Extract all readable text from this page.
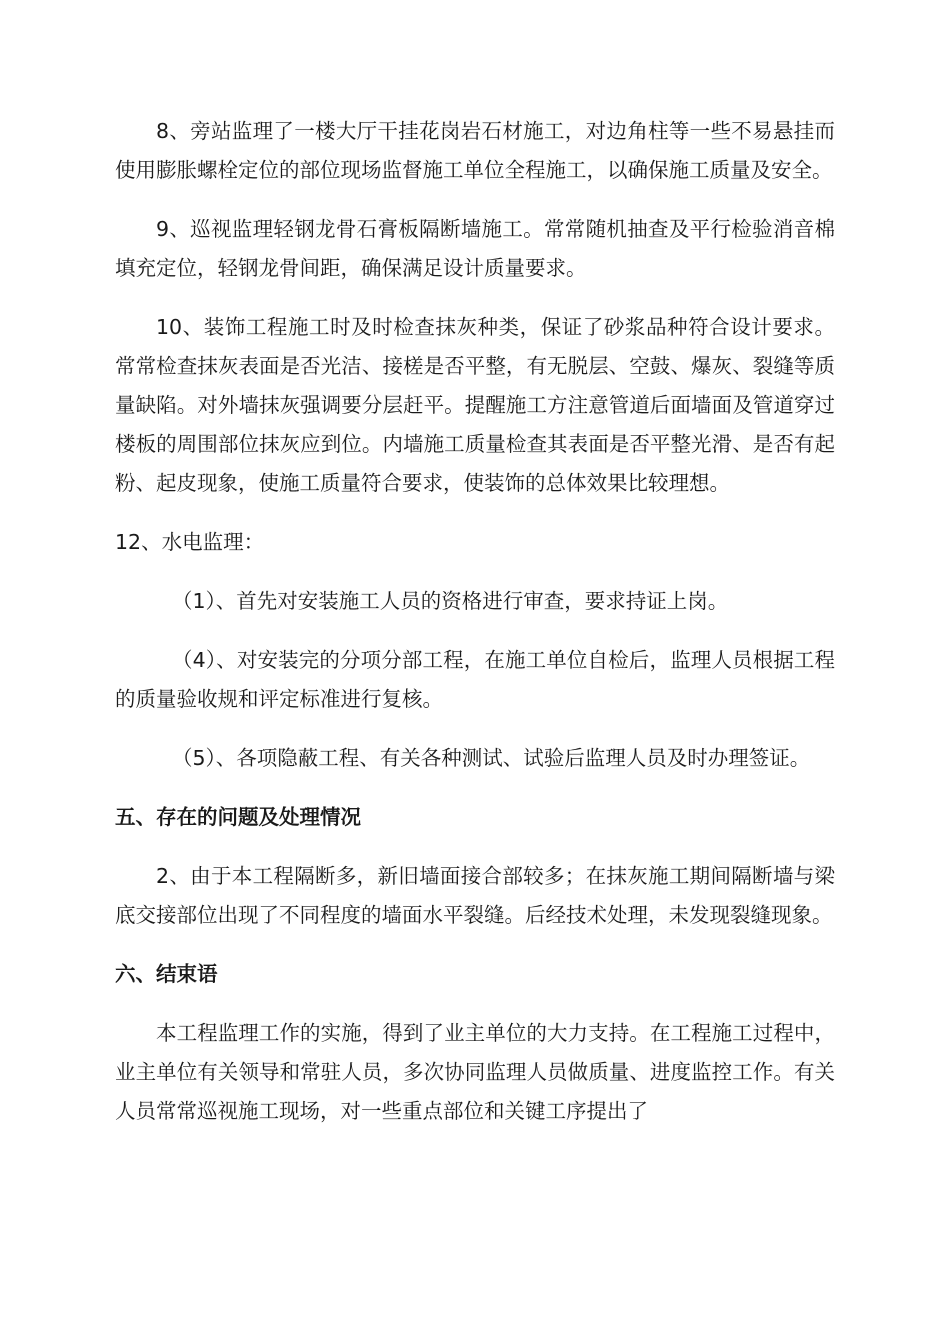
8、旁站监理了一楼大厅干挂花岗岩石材施工，对边角柱等一些不易悬挂而使用膨胀螺栓定位的部位现场监督施工单位全程施工，以确保施工质量及安全。

9、巡视监理轻钢龙骨石膏板隔断墙施工。常常随机抽查及平行检验消音棉填充定位，轻钢龙骨间距，确保满足设计质量要求。

10、装饰工程施工时及时检查抹灰种类，保证了砂浆品种符合设计要求。常常检查抹灰表面是否光洁、接槎是否平整，有无脱层、空鼓、爆灰、裂缝等质量缺陷。对外墙抹灰强调要分层赶平。提醒施工方注意管道后面墙面及管道穿过楼板的周围部位抹灰应到位。内墙施工质量检查其表面是否平整光滑、是否有起粉、起皮现象，使施工质量符合要求，使装饰的总体效果比较理想。

12、水电监理：

（1）、首先对安装施工人员的资格进行审查，要求持证上岗。

（4）、对安装完的分项分部工程，在施工单位自检后，监理人员根据工程的质量验收规和评定标准进行复核。

（5）、各项隐蔽工程、有关各种测试、试验后监理人员及时办理签证。

五、存在的问题及处理情况

2、由于本工程隔断多，新旧墙面接合部较多；在抹灰施工期间隔断墙与梁底交接部位出现了不同程度的墙面水平裂缝。后经技术处理，未发现裂缝现象。

六、结束语

本工程监理工作的实施，得到了业主单位的大力支持。在工程施工过程中，业主单位有关领导和常驻人员，多次协同监理人员做质量、进度监控工作。有关人员常常巡视施工现场，对一些重点部位和关键工序提出了
